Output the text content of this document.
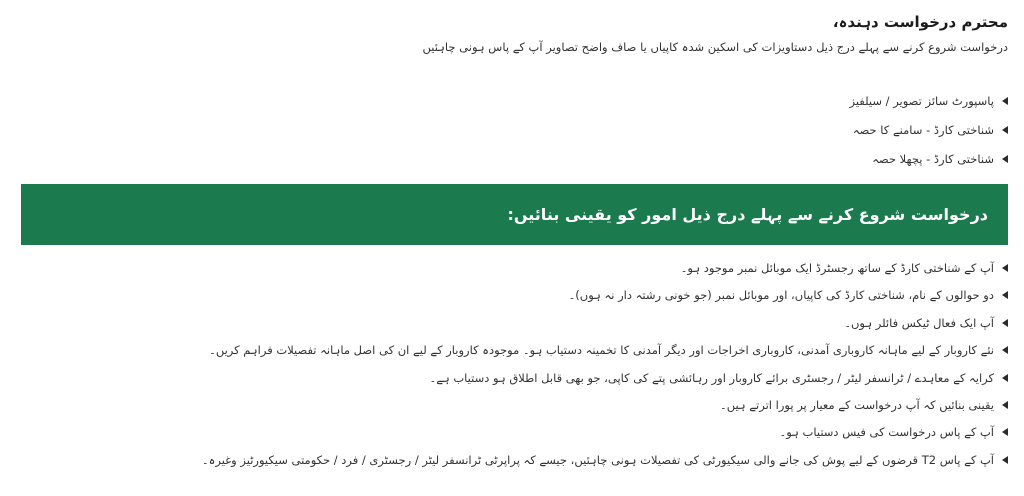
محترم درخواست دہندہ،

درخواست شروع کرنے سے پہلے درج ذیل دستاویزات کی اسکین شدہ کاپیاں یا صاف واضح تصاویر آپ کے پاس ہونی چاہئیں

پاسپورٹ سائز تصویر / سیلفیز
شناختی کارڈ - سامنے کا حصہ
شناختی کارڈ - پچھلا حصہ
درخواست شروع کرنے سے پہلے درج ذیل امور کو یقینی بنائیں:
آپ کے شناختی کارڈ کے ساتھ رجسٹرڈ ایک موبائل نمبر موجود ہو۔
دو حوالوں کے نام، شناختی کارڈ کی کاپیاں، اور موبائل نمبر (جو خونی رشتہ دار نہ ہوں)۔
آپ ایک فعال ٹیکس فائلر ہوں۔
نئے کاروبار کے لیے ماہانہ کاروباری آمدنی، کاروباری اخراجات اور دیگر آمدنی کا تخمینہ دستیاب ہو۔ موجودہ کاروبار کے لیے ان کی اصل ماہانہ تفصیلات فراہم کریں۔
کرایہ کے معاہدے / ٹرانسفر لیٹر / رجسٹری برائے کاروبار اور رہائشی پتے کی کاپی، جو بھی قابل اطلاق ہو دستیاب ہے۔
یقینی بنائیں کہ آپ درخواست کے معیار پر پورا اترتے ہیں۔
آپ کے پاس درخواست کی فیس دستیاب ہو۔
آپ کے پاس T2 قرضوں کے لیے پوش کی جانے والی سیکیورٹی کی تفصیلات ہونی چاہئیں، جیسے کہ پراپرٹی ٹرانسفر لیٹر / رجسٹری / فرد / حکومتی سیکیورٹیز وغیرہ۔
